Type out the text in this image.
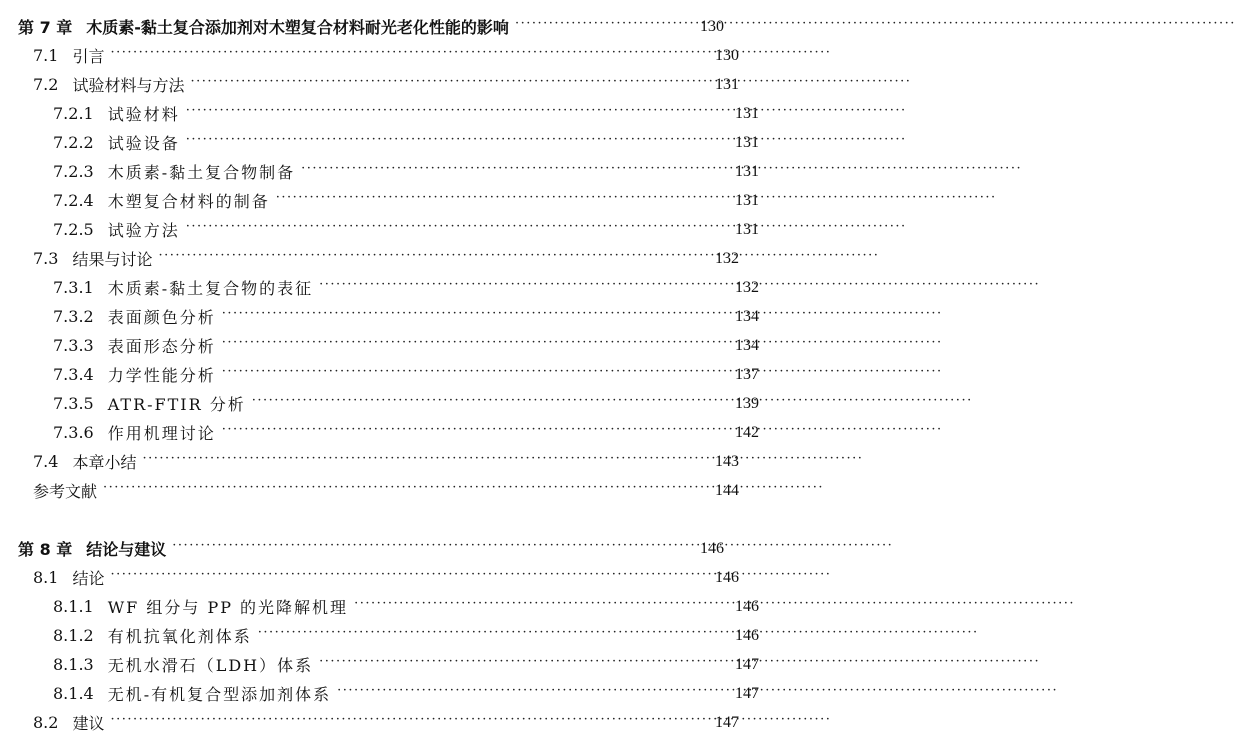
第 7 章 木质素-黏土复合添加剂对木塑复合材料耐光老化性能的影响 ·····	130
7.1 引言 ·····	130
7.2 试验材料与方法 ·····	131
7.2.1 试验材料 ·····	131
7.2.2 试验设备 ·····	131
7.2.3 木质素-黏土复合物制备 ·····	131
7.2.4 木塑复合材料的制备 ·····	131
7.2.5 试验方法 ·····	131
7.3 结果与讨论 ·····	132
7.3.1 木质素-黏土复合物的表征 ·····	132
7.3.2 表面颜色分析 ·····	134
7.3.3 表面形态分析 ·····	134
7.3.4 力学性能分析 ·····	137
7.3.5 ATR-FTIR 分析 ·····	139
7.3.6 作用机理讨论 ·····	142
7.4 本章小结 ·····	143
参考文献 ·····	144
第 8 章 结论与建议 ·····	146
8.1 结论 ·····	146
8.1.1 WF 组分与 PP 的光降解机理 ·····	146
8.1.2 有机抗氧化剂体系 ·····	146
8.1.3 无机水滑石（LDH）体系 ·····	147
8.1.4 无机-有机复合型添加剂体系 ·····	147
8.2 建议 ·····	147
